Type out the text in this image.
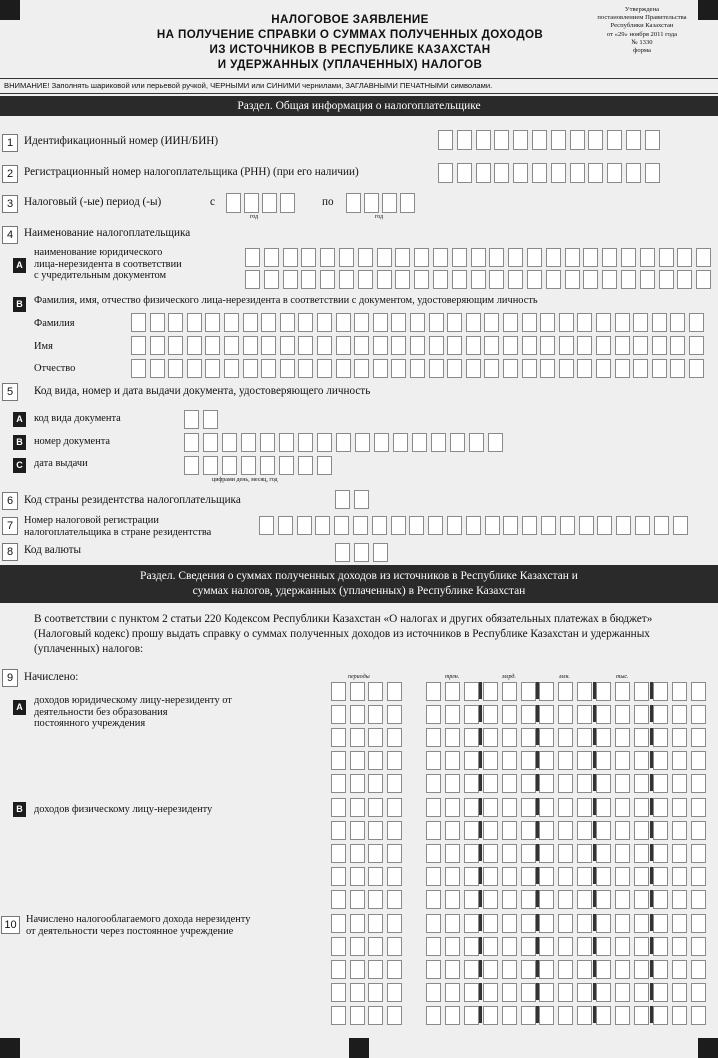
НАЛОГОВОЕ ЗАЯВЛЕНИЕ
НА ПОЛУЧЕНИЕ СПРАВКИ О СУММАХ ПОЛУЧЕННЫХ ДОХОДОВ
ИЗ ИСТОЧНИКОВ В РЕСПУБЛИКЕ КАЗАХСТАН
И УДЕРЖАННЫХ (УПЛАЧЕННЫХ) НАЛОГОВ
Утверждена
постановлением Правительства
Республики Казахстан
от «29» ноября 2011 года
№ 1330
форма
ВНИМАНИЕ! Заполнять шариковой или перьевой ручкой, ЧЕРНЫМИ или СИНИМИ чернилами, ЗАГЛАВНЫМИ ПЕЧАТНЫМИ символами.
Раздел. Общая информация о налогоплательщике
1 Идентификационный номер (ИИН/БИН)
2 Регистрационный номер налогоплательщика (РНН) (при его наличии)
3 Налоговый (-ые) период (-ы)	с	по
год	год
4 Наименование налогоплательщика
A
наименование юридического
лица-нерезидента в соответствии
с учредительным документом
B	Фамилия, имя, отчество физического лица-нерезидента в соответствии с документом, удостоверяющим личность
Фамилия
Имя
Отчество
5	Код вида, номер и дата выдачи документа, удостоверяющего личность
A	код вида документа
B	номер документа
C	дата выдачи
цифрами день, месяц, год
6 Код страны резидентства налогоплательщика
7	Номер налоговой регистрации
налогоплательщика в стране резидентства
8 Код валюты
Раздел. Сведения о суммах полученных доходов из источников в Республике Казахстан и
суммах налогов, удержанных (уплаченных) в Республике Казахстан
В соответствии с пунктом 2 статьи 220 Кодексом Республики Казахстан «О налогах и других обязательных платежах в бюджет» (Налоговый кодекс) прошу выдать справку о суммах полученных доходов из источников в Республике Казахстан и удержанных (уплаченных) налогов:
9 Начислено:	периоды	трлн.	млрд.	млн.	тыс.
A
доходов юридическому лицу-нерезиденту от
деятельности без образования
постоянного учреждения
B	доходов физическому лицу-нерезиденту
10 Начислено налогооблагаемого дохода нерезиденту
от деятельности через постоянное учреждение
